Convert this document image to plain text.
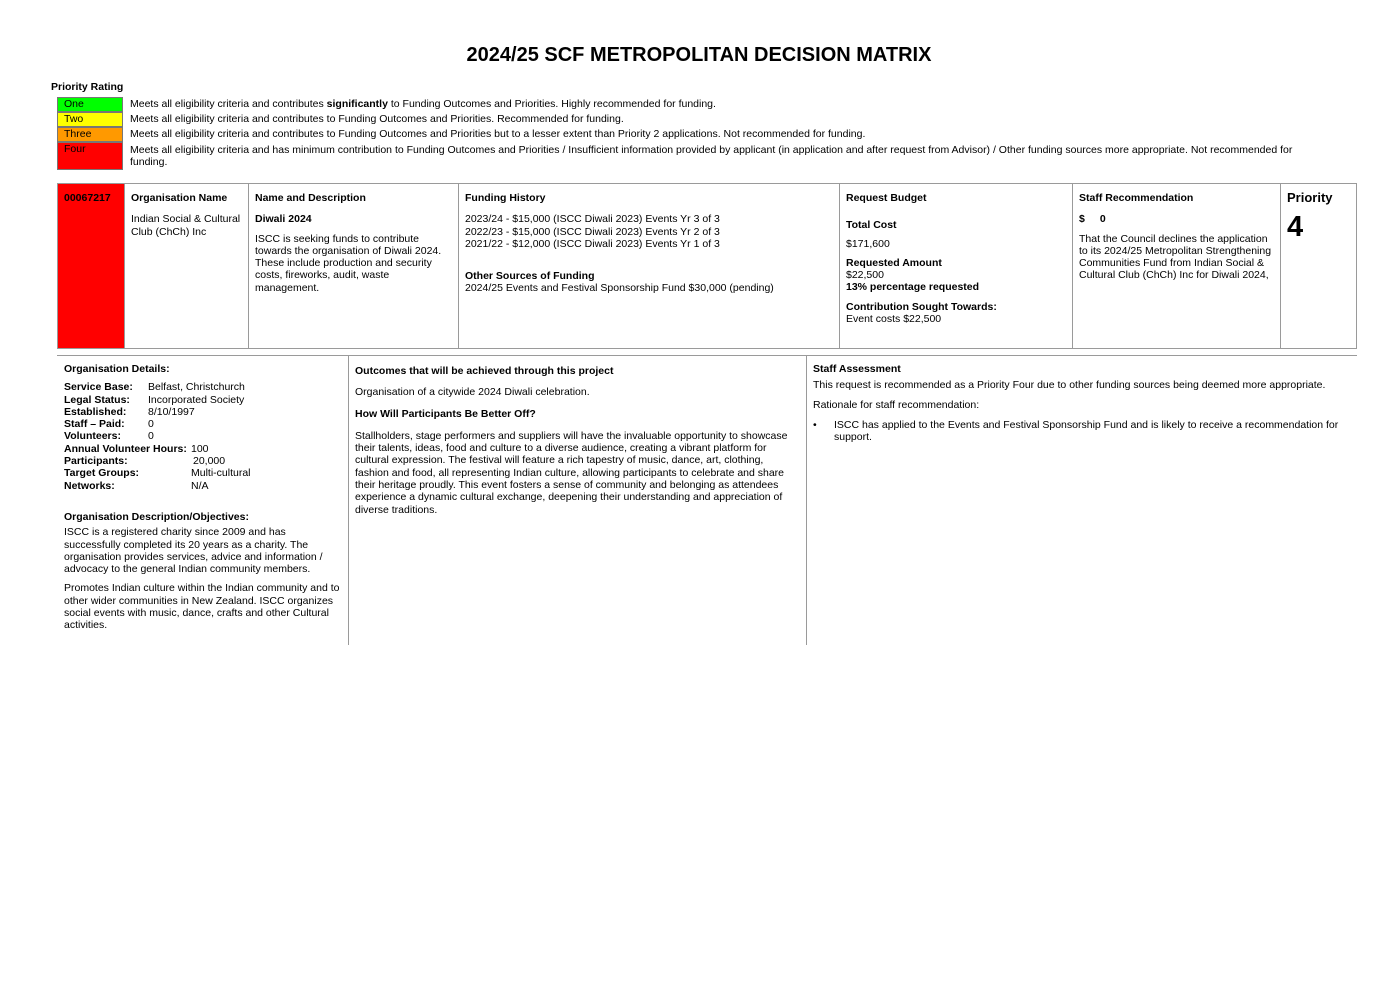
2024/25 SCF METROPOLITAN DECISION MATRIX
Priority Rating
One	Meets all eligibility criteria and contributes significantly to Funding Outcomes and Priorities. Highly recommended for funding.
Two	Meets all eligibility criteria and contributes to Funding Outcomes and Priorities. Recommended for funding.
Three	Meets all eligibility criteria and contributes to Funding Outcomes and Priorities but to a lesser extent than Priority 2 applications. Not recommended for funding.
Four	Meets all eligibility criteria and has minimum contribution to Funding Outcomes and Priorities / Insufficient information provided by applicant (in application and after request from Advisor) / Other funding sources more appropriate. Not recommended for funding.
00067217 Organisation Name
Indian Social & Cultural Club (ChCh) Inc
Name and Description
Diwali 2024
ISCC is seeking funds to contribute towards the organisation of Diwali 2024. These include production and security costs, fireworks, audit, waste management.
Funding History
2023/24 - $15,000 (ISCC Diwali 2023) Events Yr 3 of 3
2022/23 - $15,000 (ISCC Diwali 2023) Events Yr 2 of 3
2021/22 - $12,000 (ISCC Diwali 2023) Events Yr 1 of 3
Other Sources of Funding
2024/25 Events and Festival Sponsorship Fund $30,000 (pending)
Request Budget
Total Cost
$171,600
Requested Amount
$22,500
13% percentage requested
Contribution Sought Towards:
Event costs $22,500
Staff Recommendation
$ 0
That the Council declines the application to its 2024/25 Metropolitan Strengthening Communities Fund from Indian Social & Cultural Club (ChCh) Inc for Diwali 2024,
Priority
4
Organisation Details:
Service Base:	Belfast, Christchurch
Legal Status:	Incorporated Society
Established:	8/10/1997
Staff – Paid:	0
Volunteers:	0
Annual Volunteer Hours: 100
Participants:	20,000
Target Groups:	Multi-cultural
Networks:	N/A
Organisation Description/Objectives:
ISCC is a registered charity since 2009 and has successfully completed its 20 years as a charity. The organisation provides services, advice and information / advocacy to the general Indian community members.
Promotes Indian culture within the Indian community and to other wider communities in New Zealand. ISCC organizes social events with music, dance, crafts and other Cultural activities.
Outcomes that will be achieved through this project
Organisation of a citywide 2024 Diwali celebration.
How Will Participants Be Better Off?
Stallholders, stage performers and suppliers will have the invaluable opportunity to showcase their talents, ideas, food and culture to a diverse audience, creating a vibrant platform for cultural expression. The festival will feature a rich tapestry of music, dance, art, clothing, fashion and food, all representing Indian culture, allowing participants to celebrate and share their heritage proudly. This event fosters a sense of community and belonging as attendees experience a dynamic cultural exchange, deepening their understanding and appreciation of diverse traditions.
Staff Assessment
This request is recommended as a Priority Four due to other funding sources being deemed more appropriate.
Rationale for staff recommendation:
• ISCC has applied to the Events and Festival Sponsorship Fund and is likely to receive a recommendation for support.
